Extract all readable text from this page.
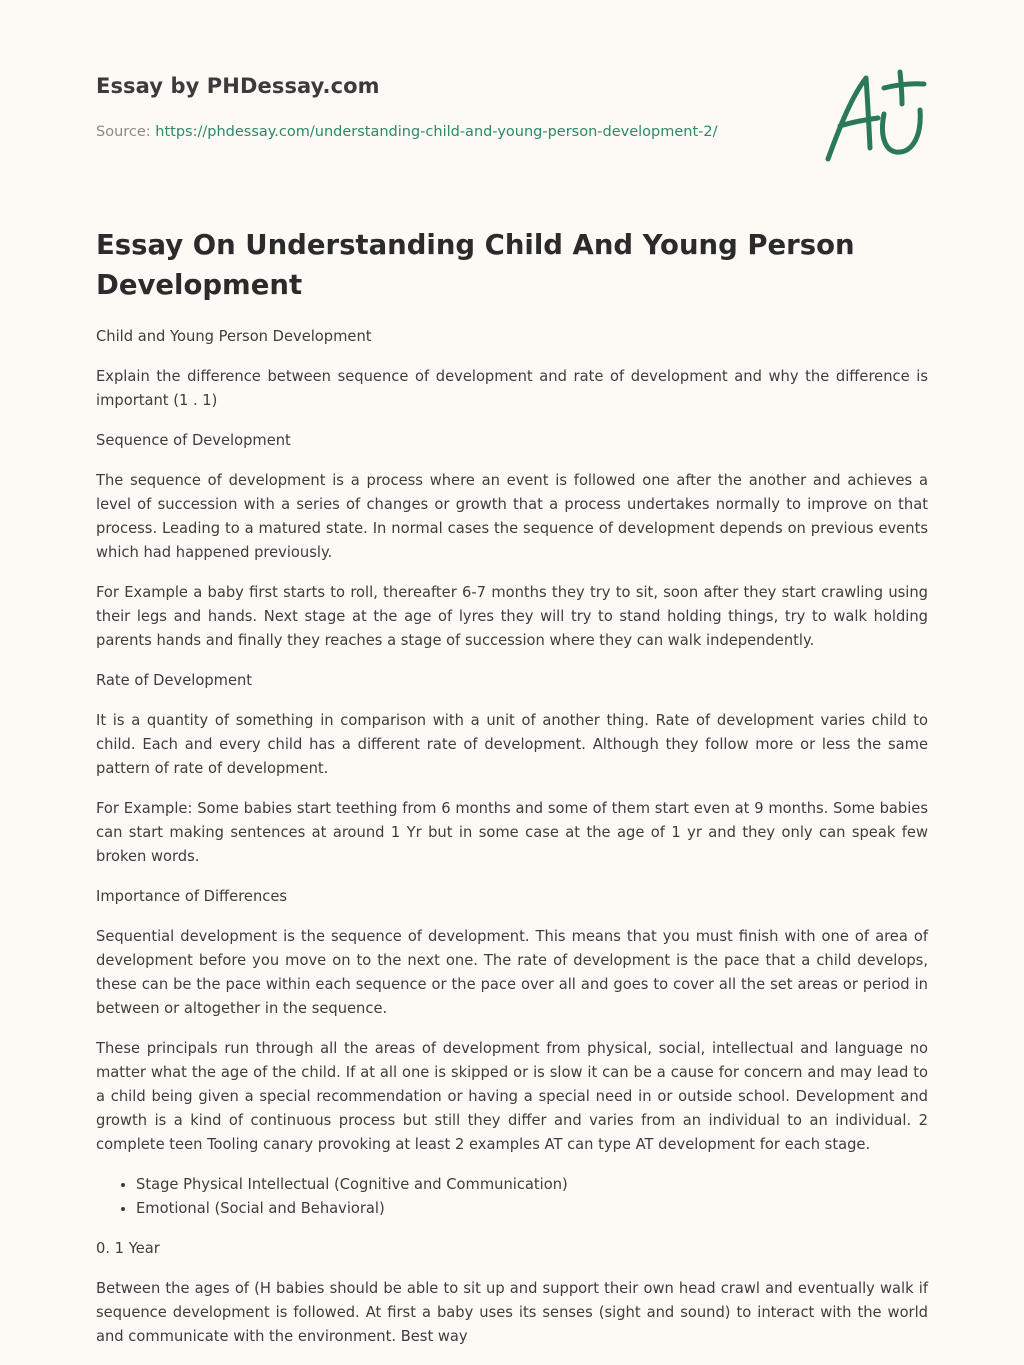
Essay by PHDessay.com
Source: https://phdessay.com/understanding-child-and-young-person-development-2/
Essay On Understanding Child And Young Person Development

Child and Young Person Development

Explain the difference between sequence of development and rate of development and why the difference is important (1 . 1)

Sequence of Development

The sequence of development is a process where an event is followed one after the another and achieves a level of succession with a series of changes or growth that a process undertakes normally to improve on that process. Leading to a matured state. In normal cases the sequence of development depends on previous events which had happened previously.

For Example a baby first starts to roll, thereafter 6-7 months they try to sit, soon after they start crawling using their legs and hands. Next stage at the age of lyres they will try to stand holding things, try to walk holding parents hands and finally they reaches a stage of succession where they can walk independently.

Rate of Development

It is a quantity of something in comparison with a unit of another thing. Rate of development varies child to child. Each and every child has a different rate of development. Although they follow more or less the same pattern of rate of development.

For Example: Some babies start teething from 6 months and some of them start even at 9 months. Some babies can start making sentences at around 1 Yr but in some case at the age of 1 yr and they only can speak few broken words.

Importance of Differences

Sequential development is the sequence of development. This means that you must finish with one of area of development before you move on to the next one. The rate of development is the pace that a child develops, these can be the pace within each sequence or the pace over all and goes to cover all the set areas or period in between or altogether in the sequence.

These principals run through all the areas of development from physical, social, intellectual and language no matter what the age of the child. If at all one is skipped or is slow it can be a cause for concern and may lead to a child being given a special recommendation or having a special need in or outside school. Development and growth is a kind of continuous process but still they differ and varies from an individual to an individual. 2 complete teen Tooling canary provoking at least 2 examples AT can type AT development for each stage.

• Stage Physical Intellectual (Cognitive and Communication)
• Emotional (Social and Behavioral)

0. 1 Year

Between the ages of (H babies should be able to sit up and support their own head crawl and eventually walk if sequence development is followed. At first a baby uses its senses (sight and sound) to interact with the world and communicate with the environment. Best way
